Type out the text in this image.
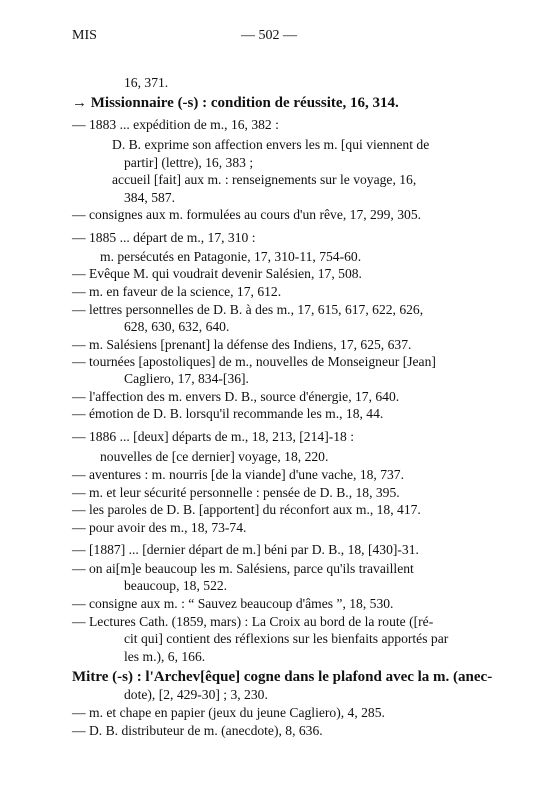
MIS	— 502 —
16, 371.
→ Missionnaire (-s) : condition de réussite, 16, 314.
— 1883 ... expédition de m., 16, 382 :
D. B. exprime son affection envers les m. [qui viennent de
partir] (lettre), 16, 383 ;
accueil [fait] aux m. : renseignements sur le voyage, 16,
384, 587.
— consignes aux m. formulées au cours d'un rêve, 17, 299, 305.
— 1885 ... départ de m., 17, 310 :
m. persécutés en Patagonie, 17, 310-11, 754-60.
— Evêque M. qui voudrait devenir Salésien, 17, 508.
— m. en faveur de la science, 17, 612.
— lettres personnelles de D. B. à des m., 17, 615, 617, 622, 626,
628, 630, 632, 640.
— m. Salésiens [prenant] la défense des Indiens, 17, 625, 637.
— tournées [apostoliques] de m., nouvelles de Monseigneur [Jean]
Cagliero, 17, 834-[36].
— l'affection des m. envers D. B., source d'énergie, 17, 640.
— émotion de D. B. lorsqu'il recommande les m., 18, 44.
— 1886 ... [deux] départs de m., 18, 213, [214]-18 :
nouvelles de [ce dernier] voyage, 18, 220.
— aventures : m. nourris [de la viande] d'une vache, 18, 737.
— m. et leur sécurité personnelle : pensée de D. B., 18, 395.
— les paroles de D. B. [apportent] du réconfort aux m., 18, 417.
— pour avoir des m., 18, 73-74.
— [1887] ... [dernier départ de m.] béni par D. B., 18, [430]-31.
— on ai[m]e beaucoup les m. Salésiens, parce qu'ils travaillent
beaucoup, 18, 522.
— consigne aux m. : “ Sauvez beaucoup d'âmes ”, 18, 530.
— Lectures Cath. (1859, mars) : La Croix au bord de la route ([ré-
cit qui] contient des réflexions sur les bienfaits apportés par
les m.), 6, 166.
Mitre (-s) : l'Archev[êque] cogne dans le plafond avec la m. (anec-
dote), [2, 429-30] ; 3, 230.
— m. et chape en papier (jeux du jeune Cagliero), 4, 285.
— D. B. distributeur de m. (anecdote), 8, 636.
